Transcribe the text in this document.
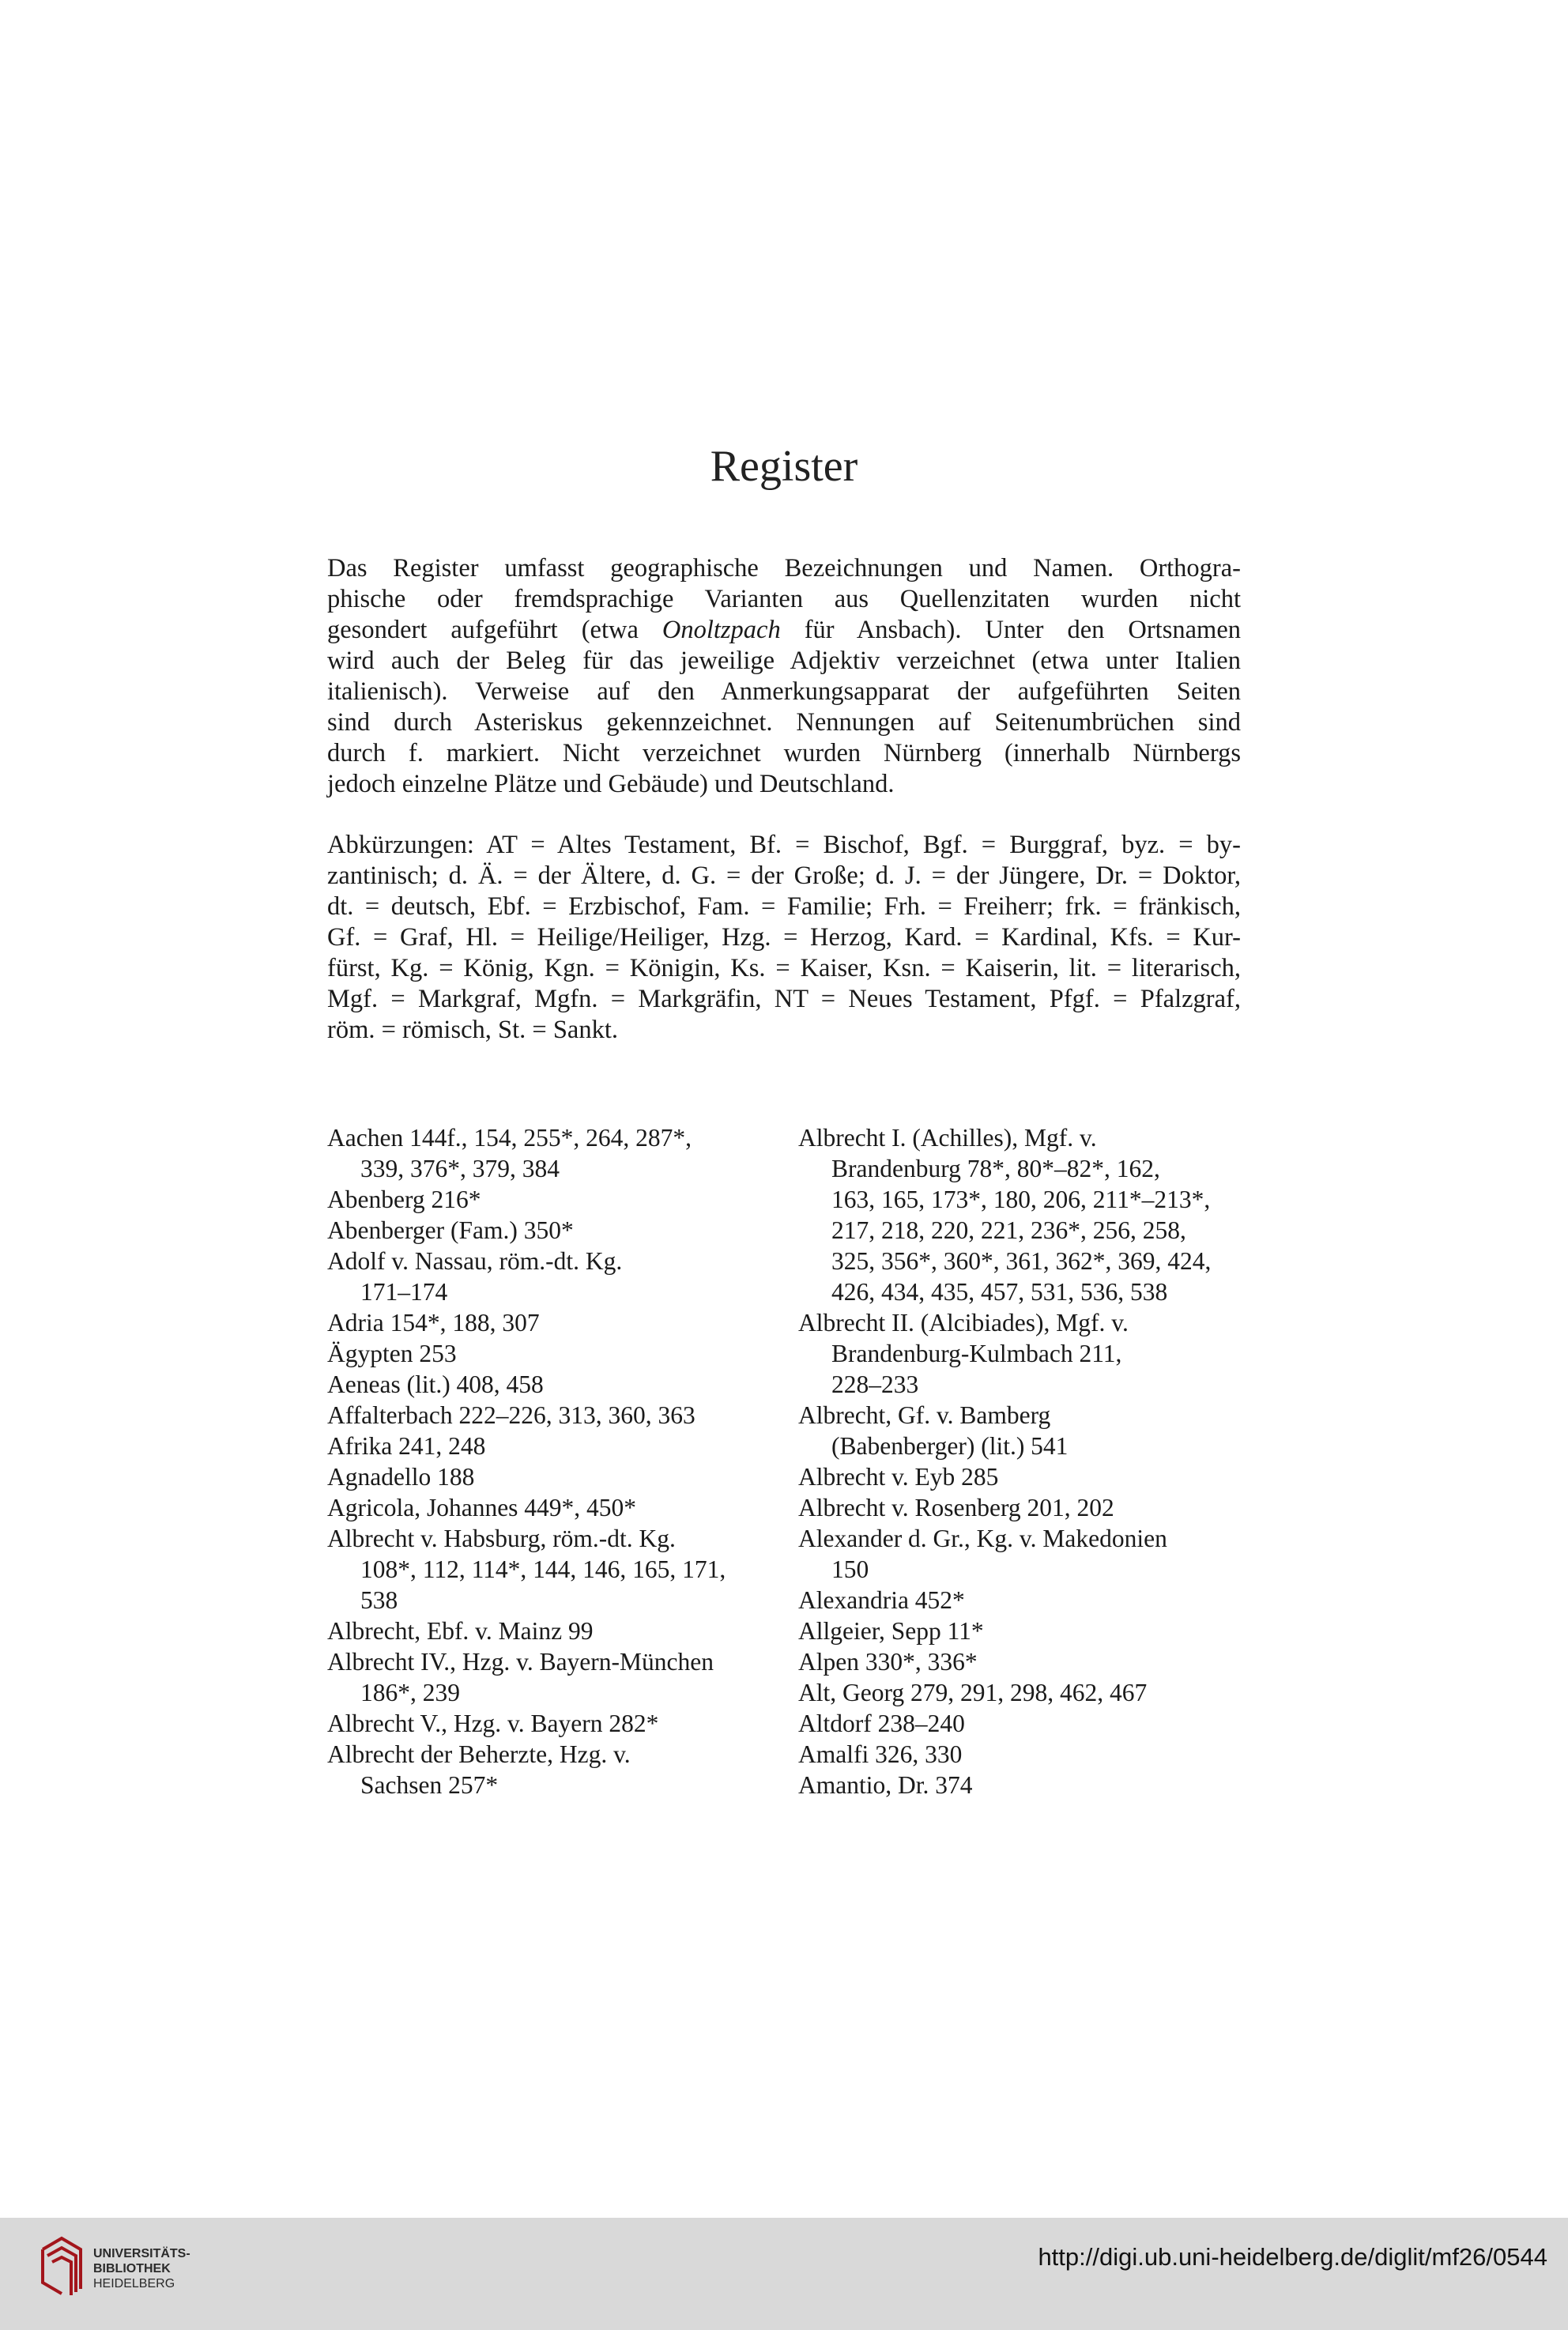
Register
Das Register umfasst geographische Bezeichnungen und Namen. Orthogra-
phische oder fremdsprachige Varianten aus Quellenzitaten wurden nicht
gesondert aufgeführt (etwa Onoltzpach für Ansbach). Unter den Ortsnamen
wird auch der Beleg für das jeweilige Adjektiv verzeichnet (etwa unter Italien
italienisch). Verweise auf den Anmerkungsapparat der aufgeführten Seiten
sind durch Asteriskus gekennzeichnet. Nennungen auf Seitenumbrüchen sind
durch f. markiert. Nicht verzeichnet wurden Nürnberg (innerhalb Nürnbergs
jedoch einzelne Plätze und Gebäude) und Deutschland.
Abkürzungen: AT = Altes Testament, Bf. = Bischof, Bgf. = Burggraf, byz. = by-
zantinisch; d. Ä. = der Ältere, d. G. = der Große; d. J. = der Jüngere, Dr. = Doktor,
dt. = deutsch, Ebf. = Erzbischof, Fam. = Familie; Frh. = Freiherr; frk. = fränkisch,
Gf. = Graf, Hl. = Heilige/Heiliger, Hzg. = Herzog, Kard. = Kardinal, Kfs. = Kur-
fürst, Kg. = König, Kgn. = Königin, Ks. = Kaiser, Ksn. = Kaiserin, lit. = literarisch,
Mgf. = Markgraf, Mgfn. = Markgräfin, NT = Neues Testament, Pfgf. = Pfalzgraf,
röm. = römisch, St. = Sankt.
Aachen 144f., 154, 255*, 264, 287*,
339, 376*, 379, 384
Abenberg 216*
Abenberger (Fam.) 350*
Adolf v. Nassau, röm.-dt. Kg.
171–174
Adria 154*, 188, 307
Ägypten 253
Aeneas (lit.) 408, 458
Affalterbach 222–226, 313, 360, 363
Afrika 241, 248
Agnadello 188
Agricola, Johannes 449*, 450*
Albrecht v. Habsburg, röm.-dt. Kg.
108*, 112, 114*, 144, 146, 165, 171,
538
Albrecht, Ebf. v. Mainz 99
Albrecht IV., Hzg. v. Bayern-München
186*, 239
Albrecht V., Hzg. v. Bayern 282*
Albrecht der Beherzte, Hzg. v.
Sachsen 257*
Albrecht I. (Achilles), Mgf. v.
Brandenburg 78*, 80*–82*, 162,
163, 165, 173*, 180, 206, 211*–213*,
217, 218, 220, 221, 236*, 256, 258,
325, 356*, 360*, 361, 362*, 369, 424,
426, 434, 435, 457, 531, 536, 538
Albrecht II. (Alcibiades), Mgf. v.
Brandenburg-Kulmbach 211,
228–233
Albrecht, Gf. v. Bamberg
(Babenberger) (lit.) 541
Albrecht v. Eyb 285
Albrecht v. Rosenberg 201, 202
Alexander d. Gr., Kg. v. Makedonien
150
Alexandria 452*
Allgeier, Sepp 11*
Alpen 330*, 336*
Alt, Georg 279, 291, 298, 462, 467
Altdorf 238–240
Amalfi 326, 330
Amantio, Dr. 374
UNIVERSITÄTS-
BIBLIOTHEK
HEIDELBERG
http://digi.ub.uni-heidelberg.de/diglit/mf26/0544
